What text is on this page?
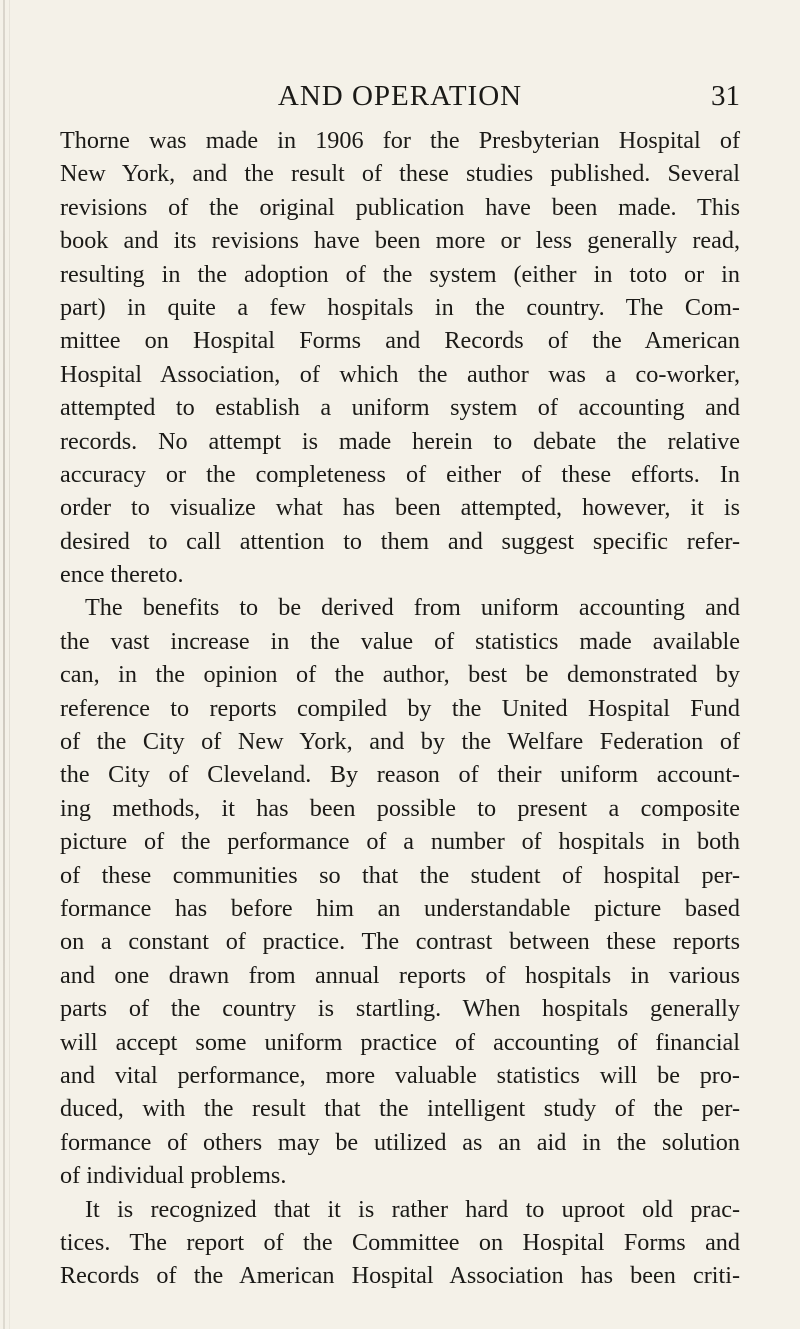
AND OPERATION	31
Thorne was made in 1906 for the Presbyterian Hospital of
New York, and the result of these studies published. Several
revisions of the original publication have been made. This
book and its revisions have been more or less generally read,
resulting in the adoption of the system (either in toto or in
part) in quite a few hospitals in the country. The Com-
mittee on Hospital Forms and Records of the American
Hospital Association, of which the author was a co-worker,
attempted to establish a uniform system of accounting and
records. No attempt is made herein to debate the relative
accuracy or the completeness of either of these efforts. In
order to visualize what has been attempted, however, it is
desired to call attention to them and suggest specific refer-
ence thereto.
The benefits to be derived from uniform accounting and
the vast increase in the value of statistics made available
can, in the opinion of the author, best be demonstrated by
reference to reports compiled by the United Hospital Fund
of the City of New York, and by the Welfare Federation of
the City of Cleveland. By reason of their uniform account-
ing methods, it has been possible to present a composite
picture of the performance of a number of hospitals in both
of these communities so that the student of hospital per-
formance has before him an understandable picture based
on a constant of practice. The contrast between these reports
and one drawn from annual reports of hospitals in various
parts of the country is startling. When hospitals generally
will accept some uniform practice of accounting of financial
and vital performance, more valuable statistics will be pro-
duced, with the result that the intelligent study of the per-
formance of others may be utilized as an aid in the solution
of individual problems.
It is recognized that it is rather hard to uproot old prac-
tices. The report of the Committee on Hospital Forms and
Records of the American Hospital Association has been criti-
